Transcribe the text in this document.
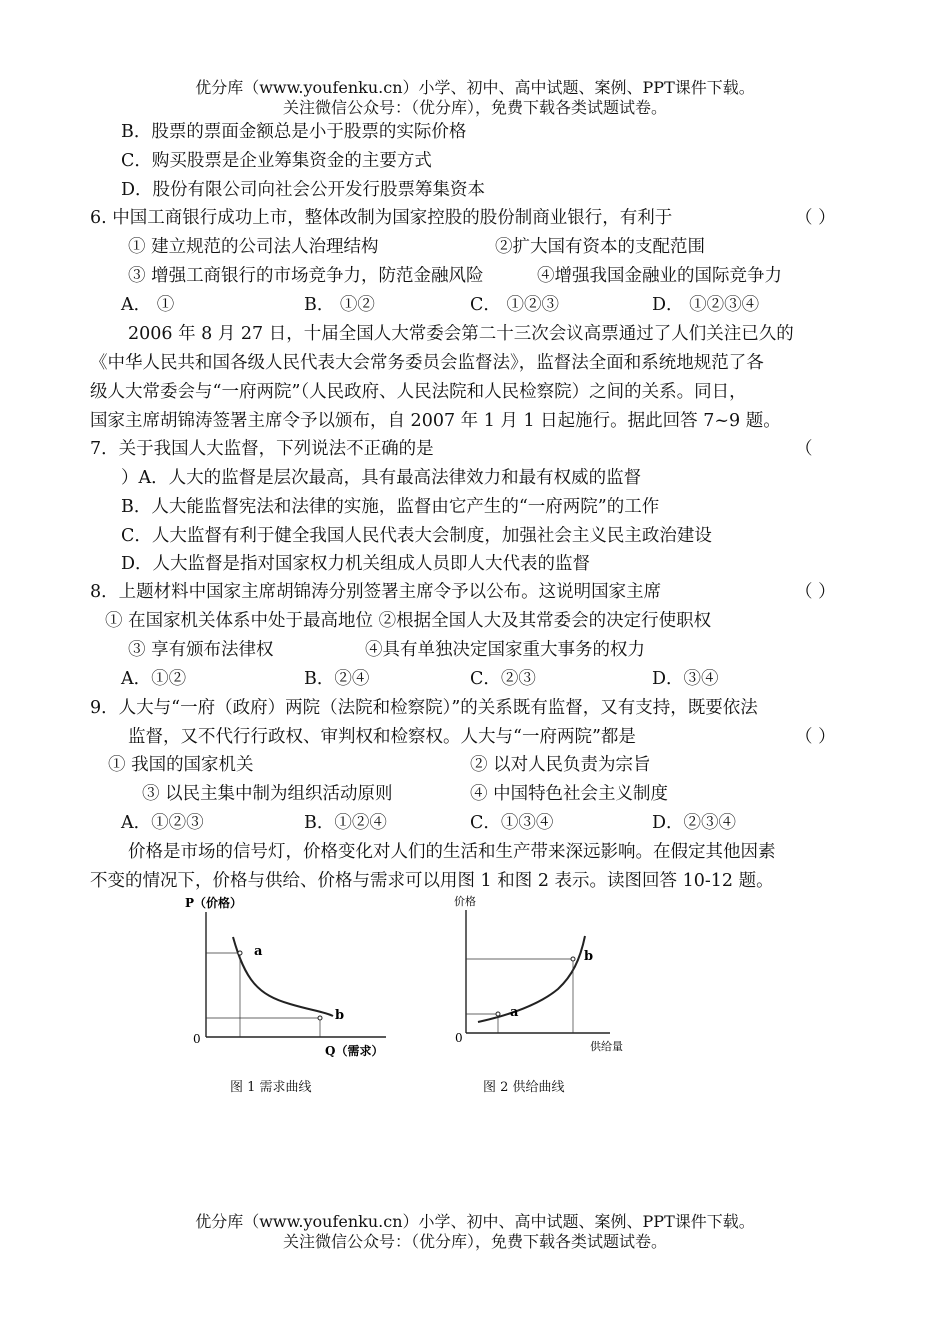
优分库（www.youfenku.cn）小学、初中、高中试题、案例、PPT课件下载。
关注微信公众号：（优分库），免费下载各类试题试卷。
B．股票的票面金额总是小于股票的实际价格
C．购买股票是企业筹集资金的主要方式
D．股份有限公司向社会公开发行股票筹集资本
6. 中国工商银行成功上市，整体改制为国家控股的股份制商业银行，有利于	（ ）
① 建立规范的公司法人治理结构	②扩大国有资本的支配范围
③ 增强工商银行的市场竞争力，防范金融风险	④增强我国金融业的国际竞争力
A． ①	B． ①②	C． ①②③	D． ①②③④
2006 年 8 月 27 日，十届全国人大常委会第二十三次会议高票通过了人们关注已久的
《中华人民共和国各级人民代表大会常务委员会监督法》，监督法全面和系统地规范了各
级人大常委会与“一府两院”（人民政府、人民法院和人民检察院）之间的关系。同日，
国家主席胡锦涛签署主席令予以颁布，自 2007 年 1 月 1 日起施行。据此回答 7~9 题。
7．关于我国人大监督，下列说法不正确的是	（
）A．人大的监督是层次最高，具有最高法律效力和最有权威的监督
B．人大能监督宪法和法律的实施，监督由它产生的“一府两院”的工作
C．人大监督有利于健全我国人民代表大会制度，加强社会主义民主政治建设
D．人大监督是指对国家权力机关组成人员即人大代表的监督
8．上题材料中国家主席胡锦涛分别签署主席令予以公布。这说明国家主席	（ ）
① 在国家机关体系中处于最高地位 ②根据全国人大及其常委会的决定行使职权
③ 享有颁布法律权	④具有单独决定国家重大事务的权力
A．①②	B．②④	C．②③	D．③④
9．人大与“一府（政府）两院（法院和检察院）”的关系既有监督，又有支持，既要依法
监督，又不代行行政权、审判权和检察权。人大与“一府两院”都是	（ ）
① 我国的国家机关	② 以对人民负责为宗旨
③ 以民主集中制为组织活动原则	④ 中国特色社会主义制度
A．①②③	B．①②④	C．①③④	D．②③④
价格是市场的信号灯，价格变化对人们的生活和生产带来深远影响。在假定其他因素
不变的情况下，价格与供给、价格与需求可以用图 1 和图 2 表示。读图回答 10-12 题。
P（价格）
0
a
b
Q（需求）
图 1 需求曲线
价格
0
a
b
供给量
图 2 供给曲线
优分库（www.youfenku.cn）小学、初中、高中试题、案例、PPT课件下载。
关注微信公众号：（优分库），免费下载各类试题试卷。
